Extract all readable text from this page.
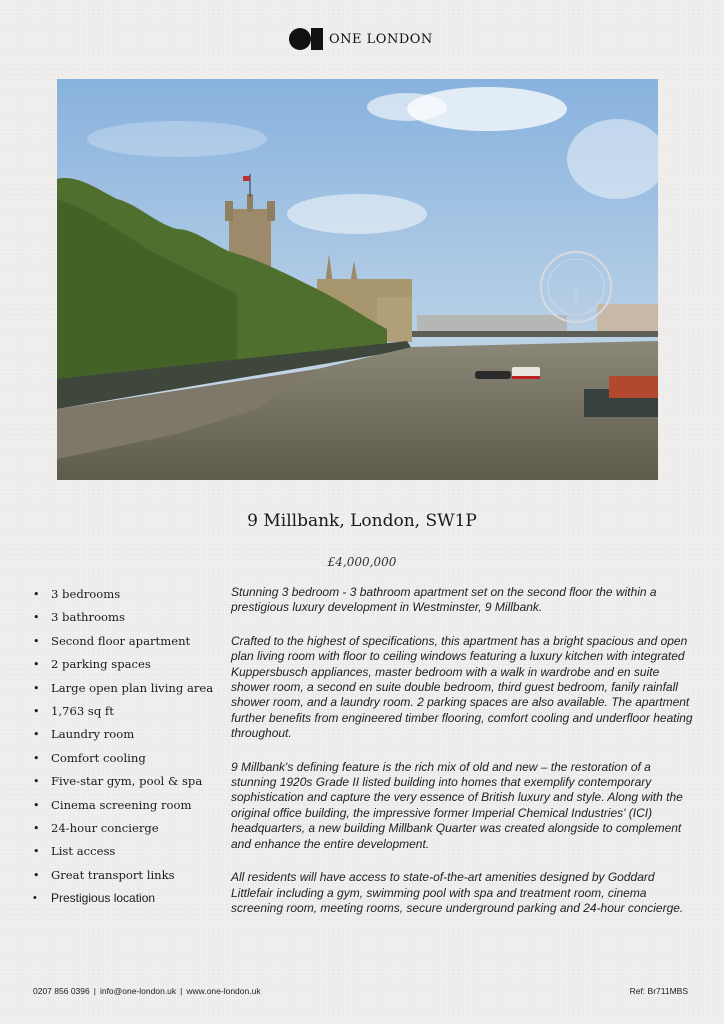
ONE LONDON
9 Millbank, London, SW1P
£4,000,000
• 3 bedrooms
• 3 bathrooms
• Second floor apartment
• 2 parking spaces
• Large open plan living area
• 1,763 sq ft
• Laundry room
• Comfort cooling
• Five-star gym, pool & spa
• Cinema screening room
• 24-hour concierge
• List access
• Great transport links
• Prestigious location

Stunning 3 bedroom - 3 bathroom apartment set on the second floor the within a prestigious luxury development in Westminster, 9 Millbank.

Crafted to the highest of specifications, this apartment has a bright spacious and open plan living room with floor to ceiling windows featuring a luxury kitchen with integrated Kuppersbusch appliances, master bedroom with a walk in wardrobe and en suite shower room, a second en suite double bedroom, third guest bedroom, fanily rainfall shower room, and a laundry room. 2 parking spaces are also available. The apartment further benefits from engineered timber flooring, comfort cooling and underfloor heating throughout.

9 Millbank's defining feature is the rich mix of old and new – the restoration of a stunning 1920s Grade II listed building into homes that exemplify contemporary sophistication and capture the very essence of British luxury and style. Along with the original office building, the impressive former Imperial Chemical Industries' (ICI) headquarters, a new building Millbank Quarter was created alongside to complement and enhance the entire development.

All residents will have access to state-of-the-art amenities designed by Goddard Littlefair including a gym, swimming pool with spa and treatment room, cinema screening room, meeting rooms, secure underground parking and 24-hour concierge.

0207 856 0396 | info@one-london.uk | www.one-london.uk	Ref: Br711MBS
